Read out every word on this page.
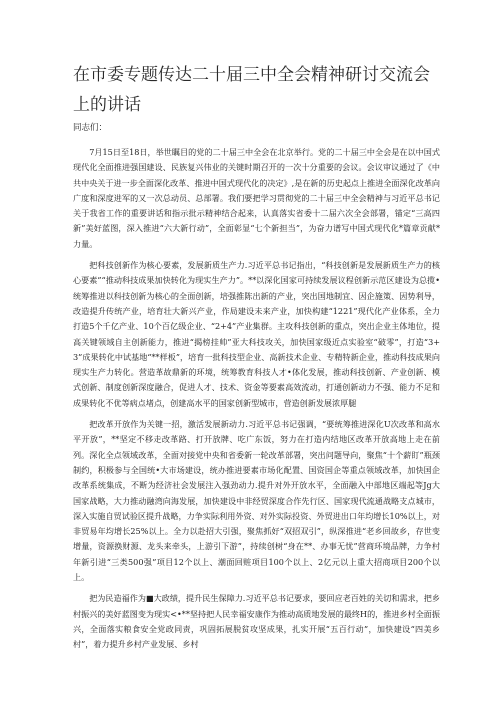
在市委专题传达二十届三中全会精神研讨交流会上的讲话
同志们：

7月15日至18日，举世瞩目的党的二十届三中全会在北京举行。党的二十届三中全会是在以中国式现代化全面推进强国建设、民族复兴伟业的关键时期召开的一次十分重要的会议。会议审议通过了《中共中央关于进一步全面深化改革、推进中国式现代化的决定》,是在新的历史起点上推进全面深化改革向广度和深度进军的又一次总动员、总部署。我们要把学习贯彻党的二十届三中全会精神与习近平总书记关于我省工作的重要讲话和指示批示精神结合起来，认真落实省委十二届六次全会部署，锚定“三高四新”美好蓝图，深入推进“六大新行动”，全面彰显“七个新担当”，为奋力谱写中国式现代化*篇章贡献*力量。

把科技创新作为核心要素，发展新质生产力.习近平总书记指出，“科技创新是发展新质生产力的核心要素”“推动科技成果加快转化为现实生产力”。**以深化国家可持续发展议程创新示范区建设为总揽•统筹推进以科技创新为核心的全面创新，培强推陈出新的产业，突出国地制宜、因企施策、因势利导，改造提升传统产业，培育壮大新兴产业，作局建设未来产业，加快构建“1221”现代化产业体系，全力打造5个千亿产业、10个百亿级企业、“2+4”产业集群。主攻科技创新的重点，突出企业主体地位，提高关键领域自主创新能力，推进“揭榜挂帅”亚大科技攻关，加快国家级近点实验室“破零”，打造“3+3”成果转化中试基地“**样板”，培育一批科技型企业、高新技术企业、专精特新企业，推动科技成果向现实生产力转化。营造革故鼎新的环境，统筹教育科技人才•体化发展，推动科技创新、产业创新、模式创新、制度创新深度融合，促进人才、技术、资金等要素高效流动，打通创新动力不强、能力不足和成果转化不优等病点堵点，创建高水平的国家创新型城市，营造创新发展浓厚腿

把改革开放作为关键一招，激活发展新动力.习近平总书记强调，“要统筹推进深化U次改革和高水平开放”，**坚定不移走改革路、打开放牌、吃广东饭，努力在打造内结地区改革开放高地上走在前列。深化全点领域改革，全面对接党中央和省委新一轮改革部署，突出问题导向，聚焦“十个薪盯”瓶颈制约，积极参与全国统•大市场建设，统办推进要素市场化配置、国资国企等重点领域改革，加快国企改革系统集成，不断为经济社会发展注入强劲动力.提升对外开放水平，全面融入中部地区端起等Jg大国家战略，大力推动融湾向海发展，加快建设中非经贸深度合作先行区、国家现代流通战略支点城市，深入实施自贸试验区提升战略，力争实际利用外资、对外实际投资、外贸进出口年均增长10%以上，对非贸易年均增长25%以上。全力以赴招大引强，聚焦抓好“双招双引”，纵深推进“老乡回故乡，存世变增量，资源换财源、龙头来牵头，上游引下游”，持续创树“身在**、办事无忧”营商环境品牌，力争村年新引进“三类500强”项目12个以上、潮面回赃项目100个以上、2亿元以上重大招商项目200个以上。

把为民造福作为■大政绩，提升民生保障力.习近平总书记要求，要回应老百姓的关切和需求，把乡村振兴的美好蓝图变为现实<•**坚持把人民幸福安康作为推动高质地发展的最终H的，推进乡村全面振兴，全面落实粮食安全党政同责，巩固拓展脱贫攻坚成果，扎实开展“五百行动”，加快建设“四美乡村”，着力提升乡村产业发展、乡村
